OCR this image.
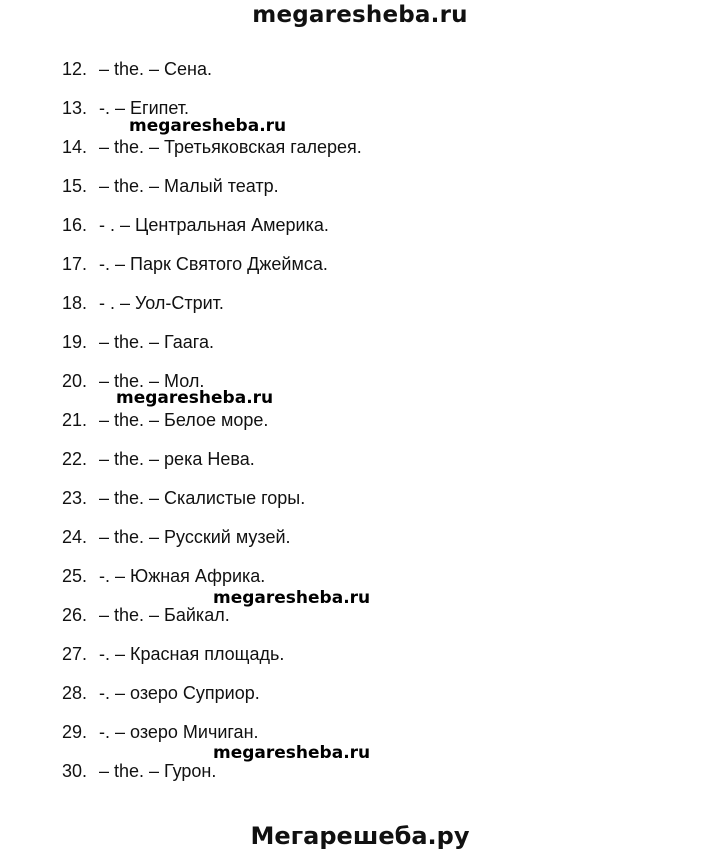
megaresheba.ru
12. – the. – Сена.
13. -. – Египет.
14. – the. – Третьяковская галерея.
15. – the. – Малый театр.
16. - . – Центральная Америка.
17. -. – Парк Святого Джеймса.
18. - . – Уол-Стрит.
19. – the. – Гаага.
20. – the. – Мол.
21. – the. – Белое море.
22. – the. – река Нева.
23. – the. – Скалистые горы.
24. – the. – Русский музей.
25. -. – Южная Африка.
26. – the. – Байкал.
27. -. – Красная площадь.
28. -. – озеро Суприор.
29. -. – озеро Мичиган.
30. – the. – Гурон.
megaresheba.ru
megaresheba.ru
megaresheba.ru
megaresheba.ru
Мегарешеба.ру
